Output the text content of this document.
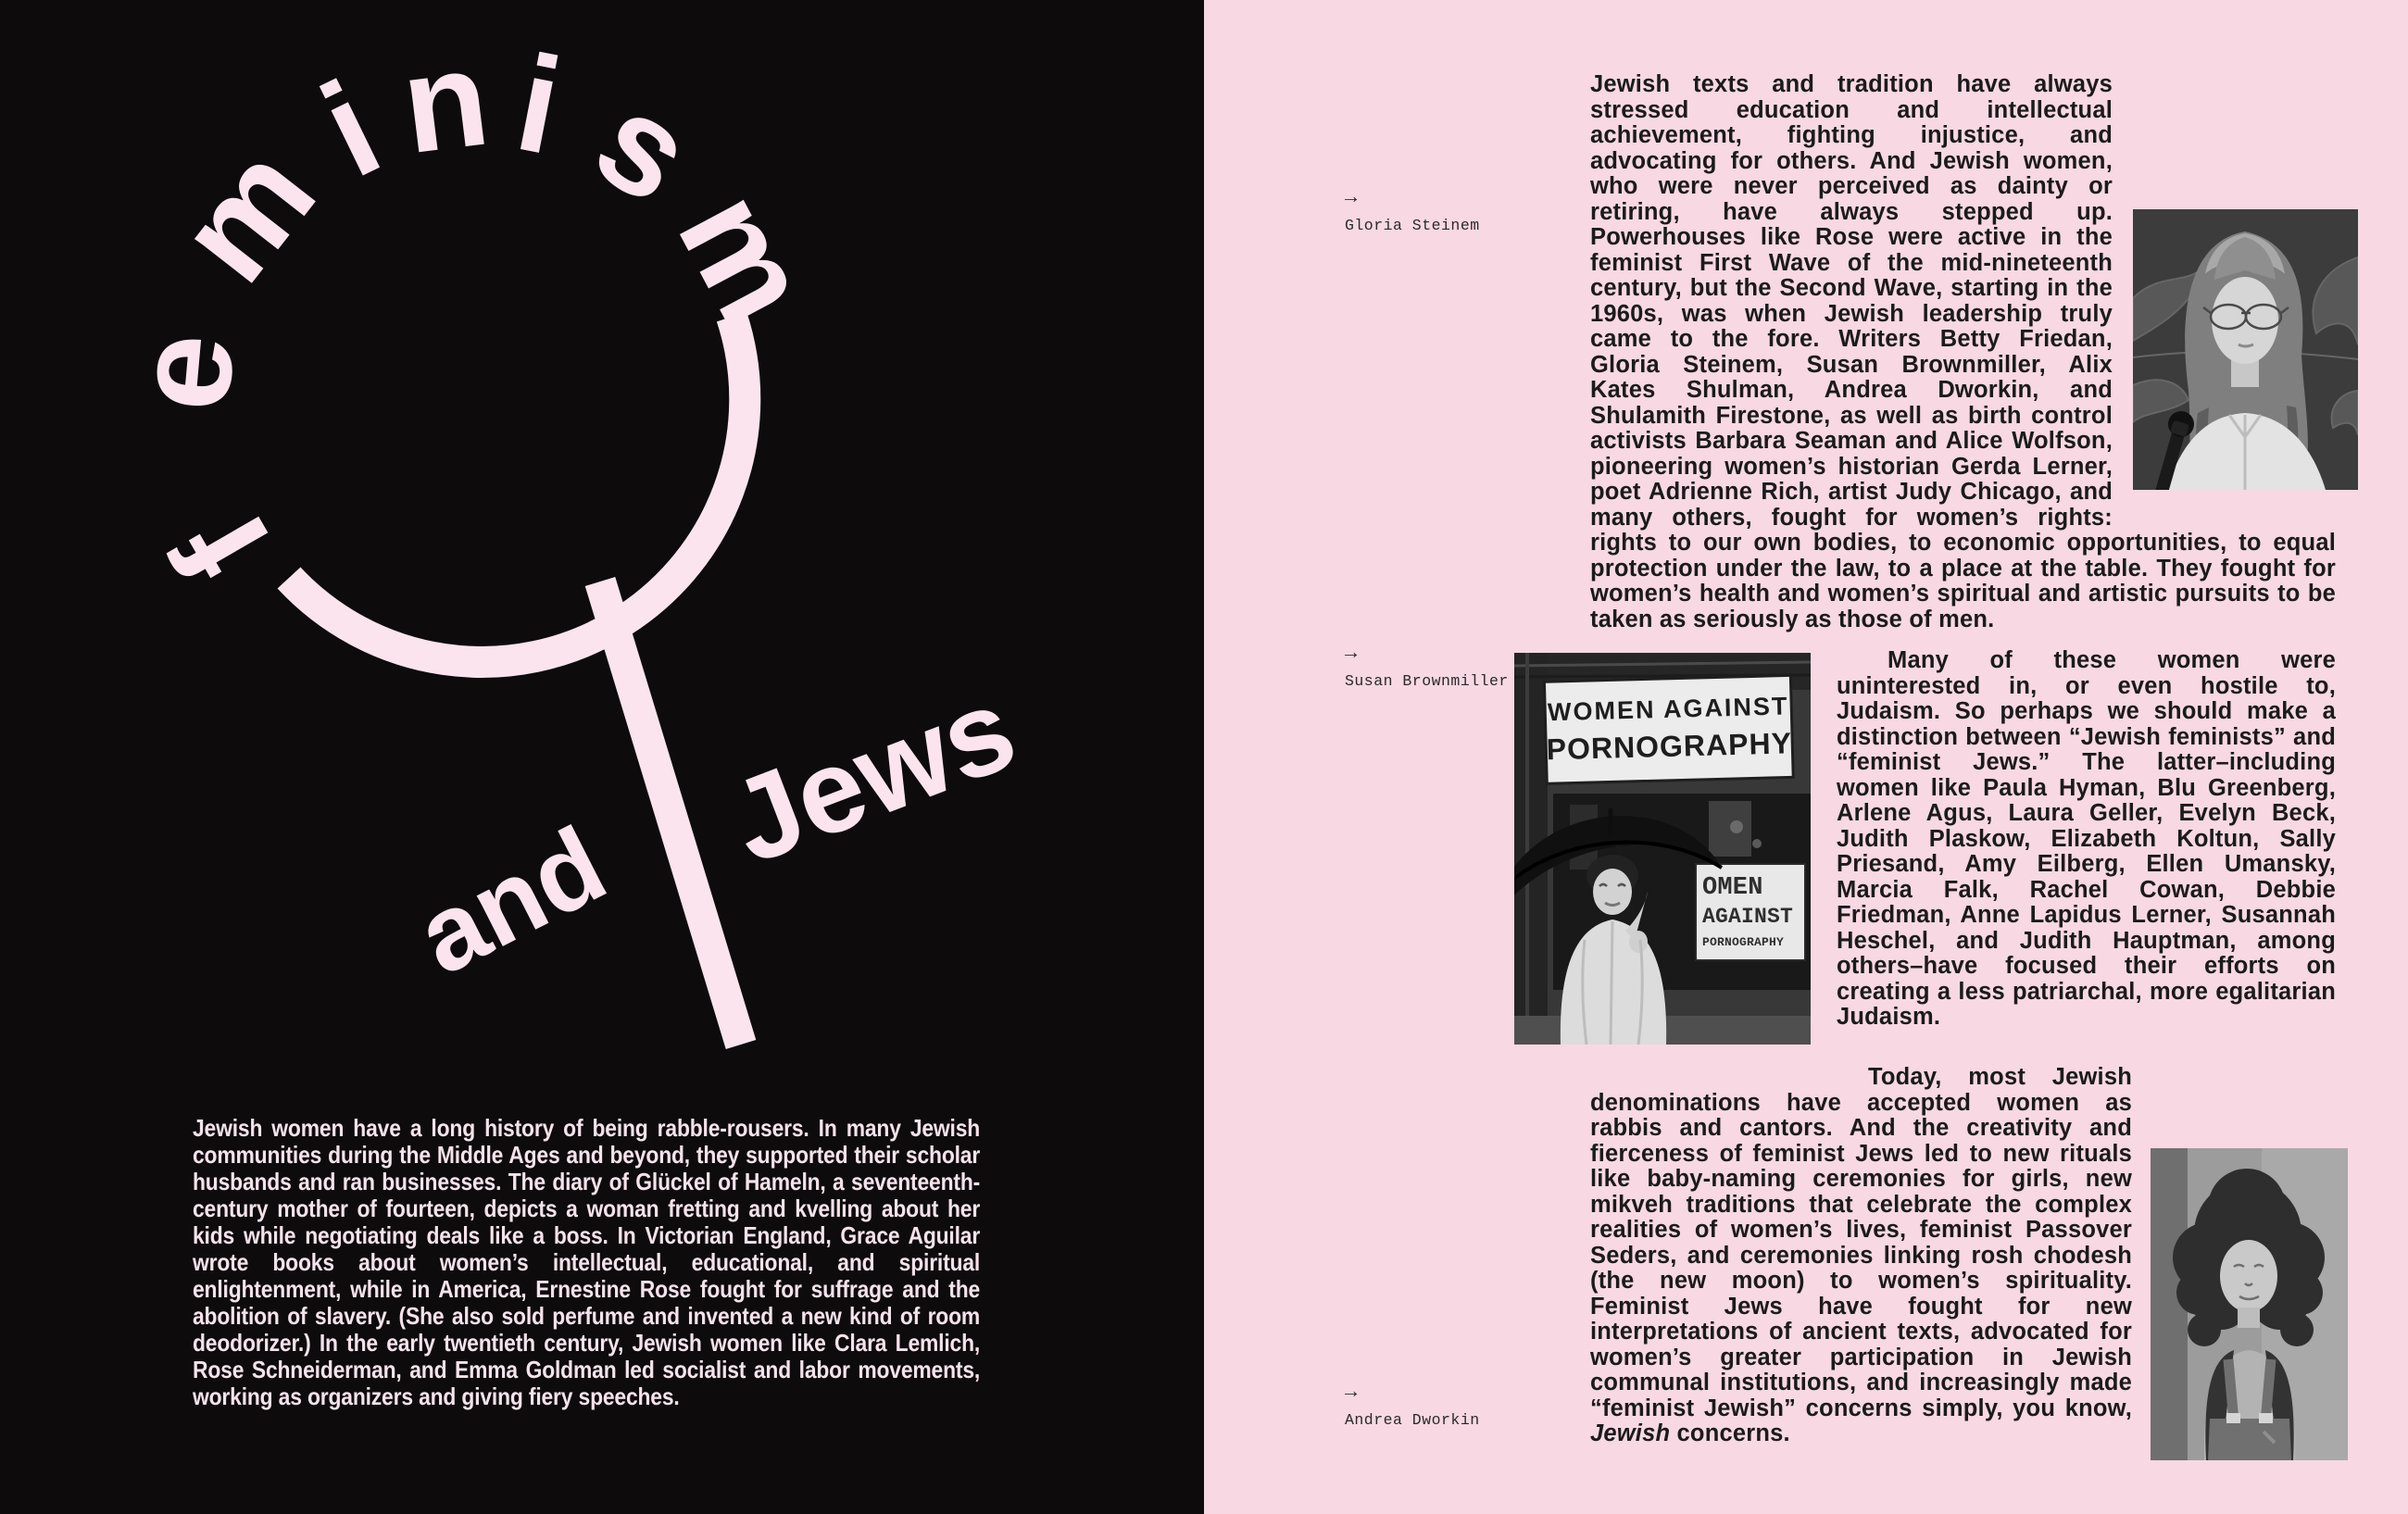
f
e
m
i
n i
s
m
and
Jews
Jewish women have a long history of being rabble-rousers. In many Jewish communities during the Middle Ages and beyond, they supported their scholar husbands and ran businesses. The diary of Glückel of Hameln, a seventeenth-century mother of fourteen, depicts a woman fretting and kvelling about her kids while negotiating deals like a boss. In Victorian England, Grace Aguilar wrote books about women’s intellectual, educational, and spiritual enlightenment, while in America, Ernestine Rose fought for suffrage and the abolition of slavery. (She also sold perfume and invented a new kind of room deodorizer.) In the early twentieth century, Jewish women like Clara Lemlich, Rose Schneiderman, and Emma Goldman led socialist and labor movements, working as organizers and giving fiery speeches.
→
Gloria Steinem
→
Susan Brownmiller
→
Andrea Dworkin
Jewish texts and tradition have always stressed education and intellectual achievement, fighting injustice, and advocating for others. And Jewish women, who were never perceived as dainty or retiring, have always stepped up. Powerhouses like Rose were active in the feminist First Wave of the mid-nineteenth century, but the Second Wave, starting in the 1960s, was when Jewish leadership truly came to the fore. Writers Betty Friedan, Gloria Steinem, Susan Brownmiller, Alix Kates Shulman, Andrea Dworkin, and Shulamith Firestone, as well as birth control activists Barbara Seaman and Alice Wolfson, pioneering women’s historian Gerda Lerner, poet Adrienne Rich, artist Judy Chicago, and many others, fought for women’s rights: rights to our own bodies, to economic opportunities, to equal protection under the law, to a place at the table. They fought for women’s health and women’s spiritual and artistic pursuits to be taken as seriously as those of men.
WOMEN AGAINST
PORNOGRAPHY
OMEN
AGAINST
PORNOGRAPHY
Many of these women were uninterested in, or even hostile to, Judaism. So perhaps we should make a distinction between “Jewish feminists” and “feminist Jews.” The latter–including women like Paula Hyman, Blu Greenberg, Arlene Agus, Laura Geller, Evelyn Beck, Judith Plaskow, Elizabeth Koltun, Sally Priesand, Amy Eilberg, Ellen Umansky, Marcia Falk, Rachel Cowan, Debbie Friedman, Anne Lapidus Lerner, Susannah Heschel, and Judith Hauptman, among others–have focused their efforts on creating a less patriarchal, more egalitarian Judaism.
Today, most Jewish denominations have accepted women as rabbis and cantors. And the creativity and fierceness of feminist Jews led to new rituals like baby-naming ceremonies for girls, new mikveh traditions that celebrate the complex realities of women’s lives, feminist Passover Seders, and ceremonies linking rosh chodesh (the new moon) to women’s spirituality. Feminist Jews have fought for new interpretations of ancient texts, advocated for women’s greater participation in Jewish communal institutions, and increasingly made “feminist Jewish” concerns simply, you know, Jewish concerns.
